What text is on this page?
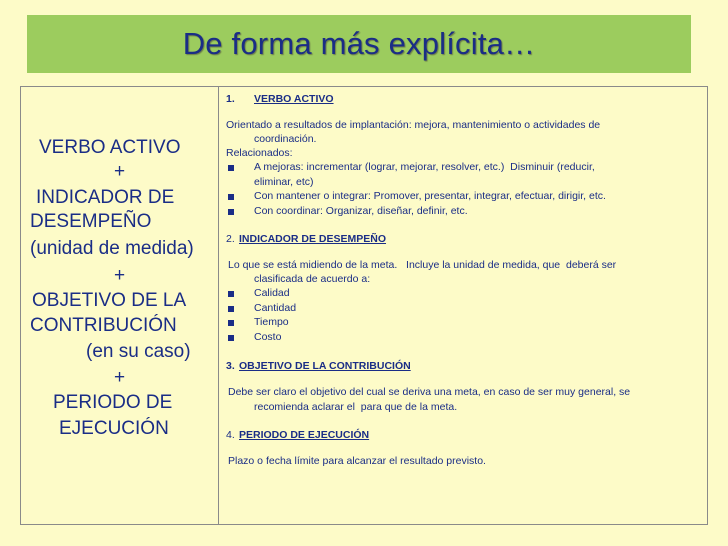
De forma más explícita…
VERBO ACTIVO
+
INDICADOR DE
DESEMPEÑO
(unidad de medida)
+
OBJETIVO DE LA
CONTRIBUCIÓN
(en su caso)
+
PERIODO DE
EJECUCIÓN
1. VERBO ACTIVO
Orientado a resultados de implantación: mejora, mantenimiento o actividades de
coordinación.
Relacionados:
A mejoras: incrementar (lograr, mejorar, resolver, etc.)  Disminuir (reducir,
eliminar, etc)
Con mantener o integrar: Promover, presentar, integrar, efectuar, dirigir, etc.
Con coordinar: Organizar, diseñar, definir, etc.
2. INDICADOR DE DESEMPEÑO
Lo que se está midiendo de la meta.   Incluye la unidad de medida, que  deberá ser
clasificada de acuerdo a:
Calidad
Cantidad
Tiempo
Costo
3. OBJETIVO DE LA CONTRIBUCIÓN
Debe ser claro el objetivo del cual se deriva una meta, en caso de ser muy general, se
recomienda aclarar el  para que de la meta.
4. PERIODO DE EJECUCIÓN
Plazo o fecha límite para alcanzar el resultado previsto.
